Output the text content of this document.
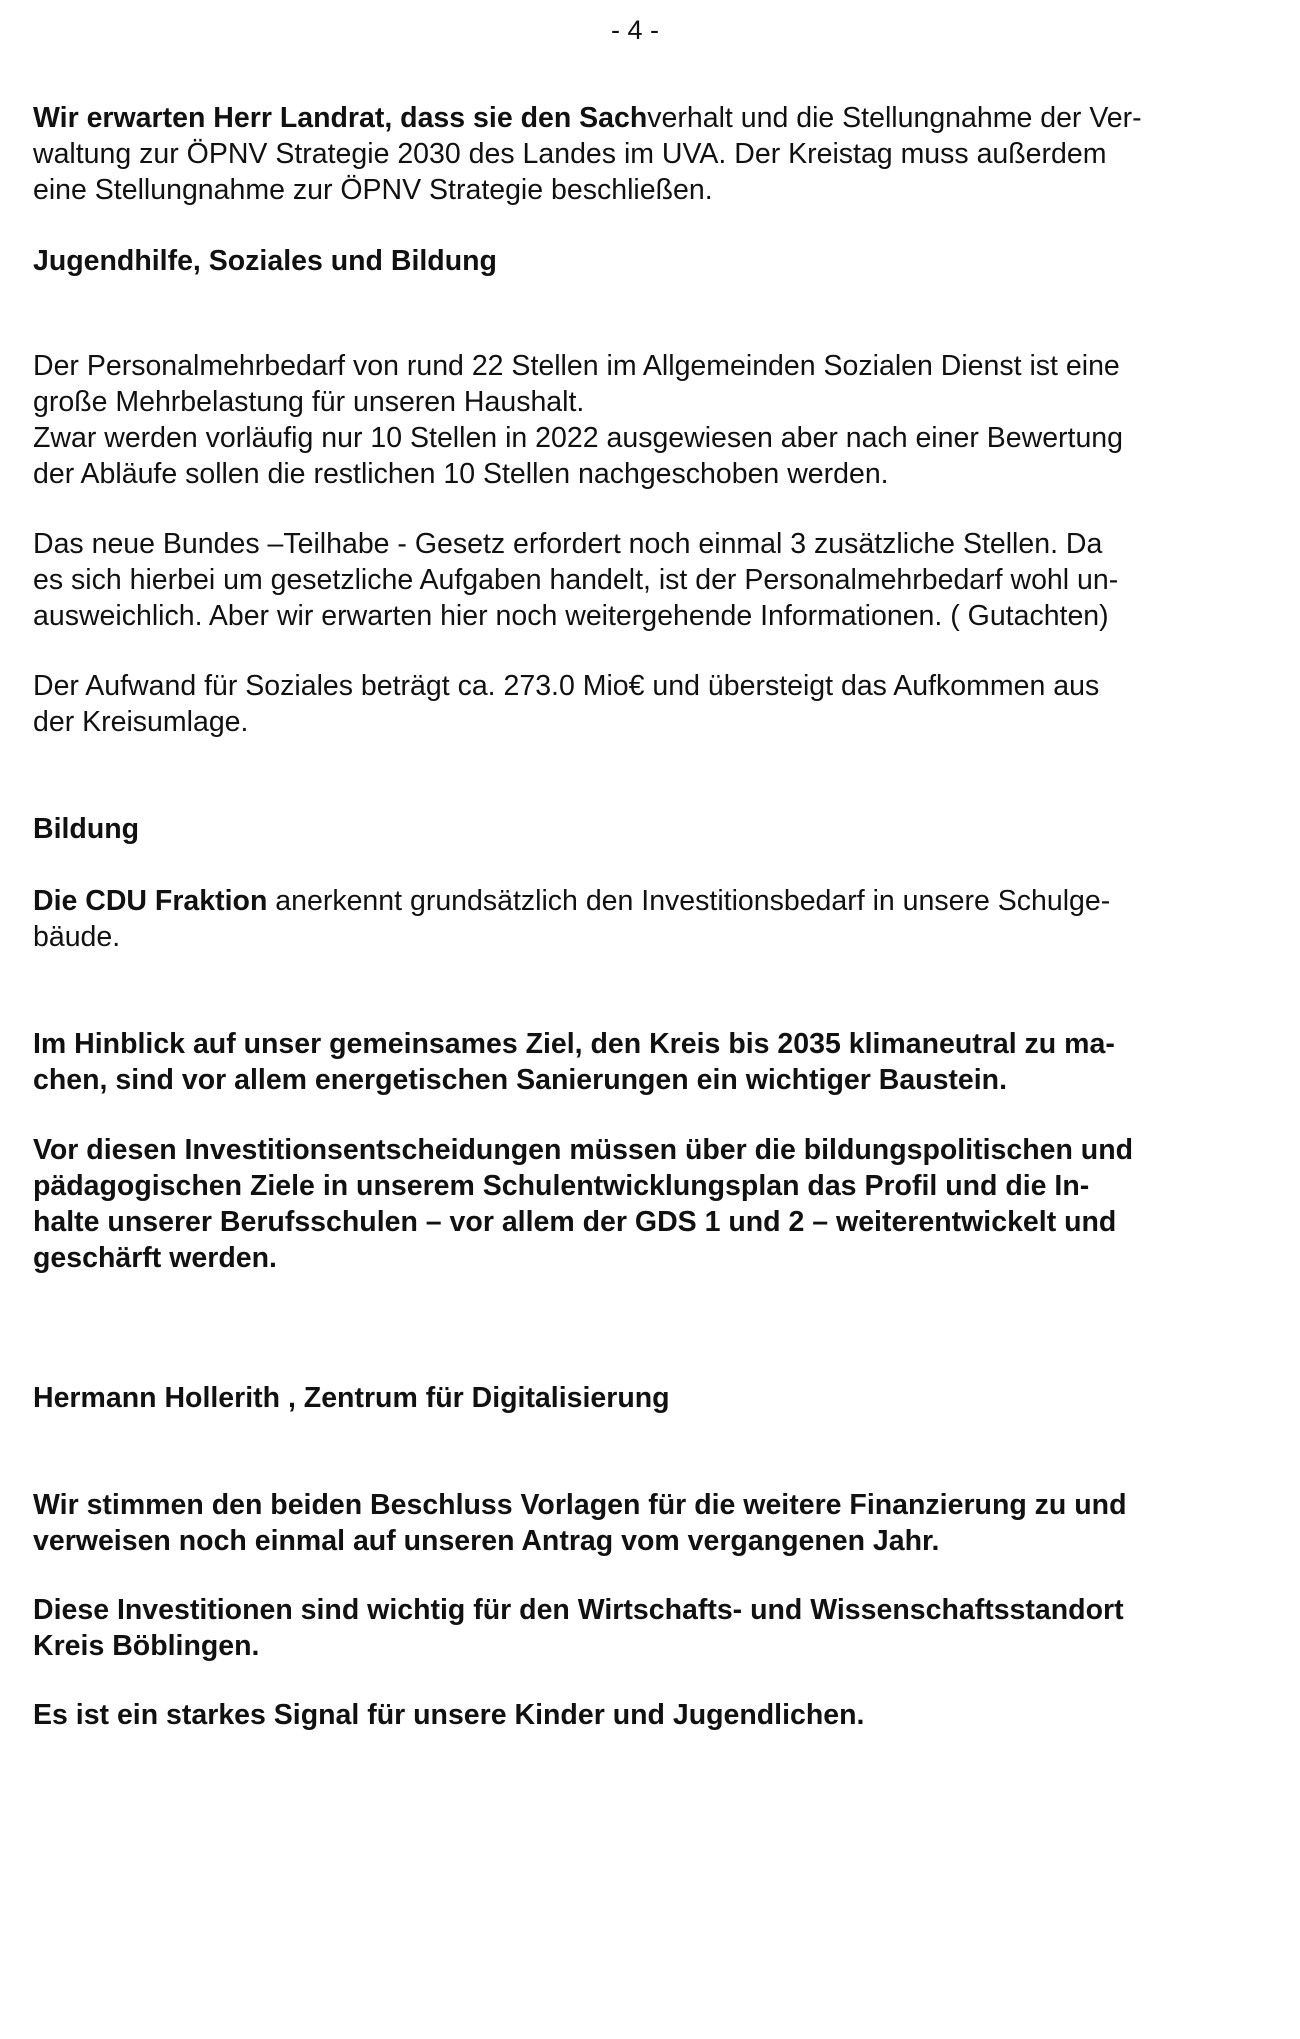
- 4 -

Wir erwarten Herr Landrat, dass sie den Sachverhalt und die Stellungnahme der Ver-
waltung zur ÖPNV Strategie 2030 des Landes im UVA. Der Kreistag muss außerdem
eine Stellungnahme zur ÖPNV Strategie beschließen.

Jugendhilfe, Soziales und Bildung

Der Personalmehrbedarf von rund 22 Stellen im Allgemeinden Sozialen Dienst ist eine
große Mehrbelastung für unseren Haushalt.
Zwar werden vorläufig nur 10 Stellen in 2022 ausgewiesen aber nach einer Bewertung
der Abläufe sollen die restlichen 10 Stellen nachgeschoben werden.

Das neue Bundes –Teilhabe - Gesetz erfordert noch einmal 3 zusätzliche Stellen. Da
es sich hierbei um gesetzliche Aufgaben handelt, ist der Personalmehrbedarf wohl un-
ausweichlich. Aber wir erwarten hier noch weitergehende Informationen. ( Gutachten)

Der Aufwand für Soziales beträgt ca. 273.0 Mio€ und übersteigt das Aufkommen aus
der Kreisumlage.

Bildung

Die CDU Fraktion anerkennt grundsätzlich den Investitionsbedarf in unsere Schulge-
bäude.

Im Hinblick auf unser gemeinsames Ziel, den Kreis bis 2035 klimaneutral zu ma-
chen, sind vor allem energetischen Sanierungen ein wichtiger Baustein.

Vor diesen Investitionsentscheidungen müssen über die bildungspolitischen und
pädagogischen Ziele in unserem Schulentwicklungsplan das Profil und die In-
halte unserer Berufsschulen – vor allem der GDS 1 und 2 – weiterentwickelt und
geschärft werden.

Hermann Hollerith , Zentrum für Digitalisierung

Wir stimmen den beiden Beschluss Vorlagen für die weitere Finanzierung zu und
verweisen noch einmal auf unseren Antrag vom vergangenen Jahr.

Diese Investitionen sind wichtig für den Wirtschafts- und Wissenschaftsstandort
Kreis Böblingen.

Es ist ein starkes Signal für unsere Kinder und Jugendlichen.
